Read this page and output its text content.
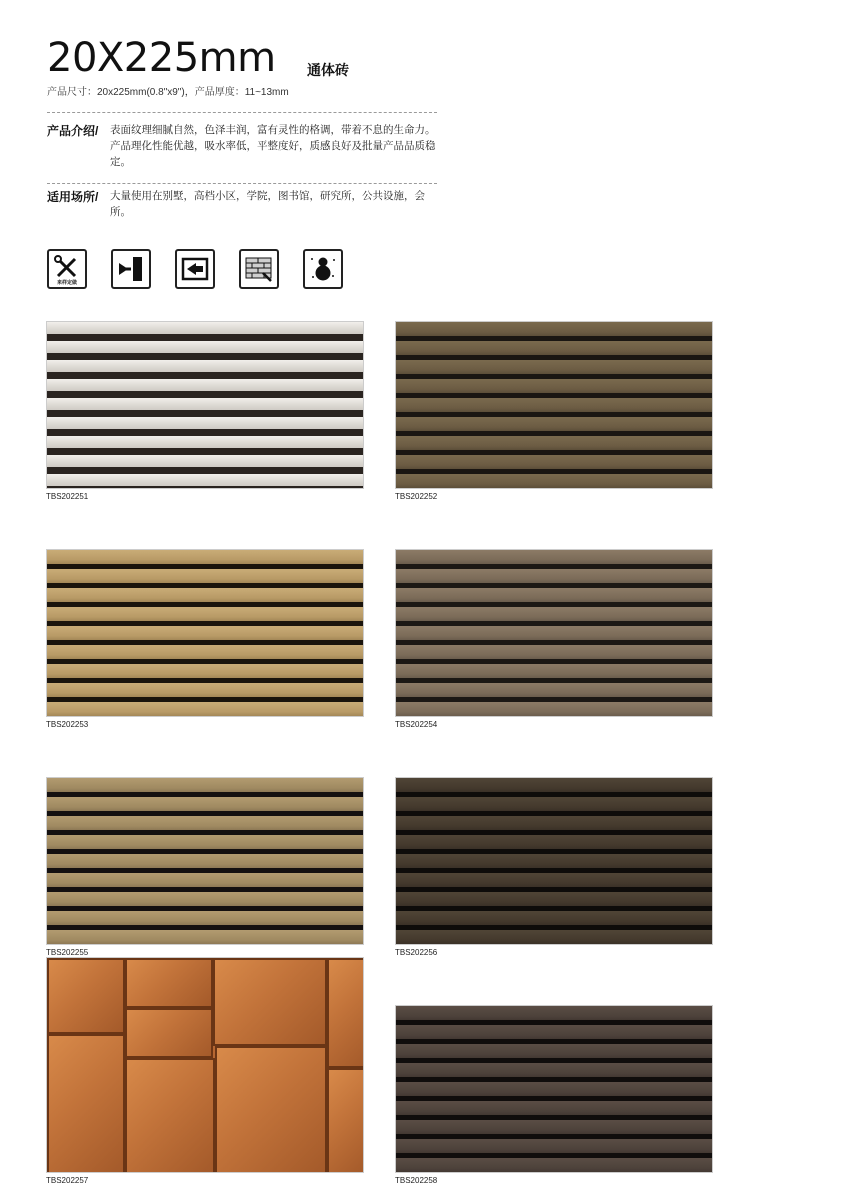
20X225mm 通体砖
产品尺寸：20x225mm(0.8"x9")，产品厚度：11~13mm
产品介绍/ 表面纹理细腻自然，色泽丰润，富有灵性的格调，带着不息的生命力。产品理化性能优越，吸水率低，平整度好，质感良好及批量产品品质稳定。
适用场所/ 大量使用在别墅，高档小区，学院，图书馆，研究所，公共设施，会所。
来样定做
TBS202251	TBS202252
TBS202253	TBS202254
TBS202255	TBS202256
TBS202257	TBS202258
